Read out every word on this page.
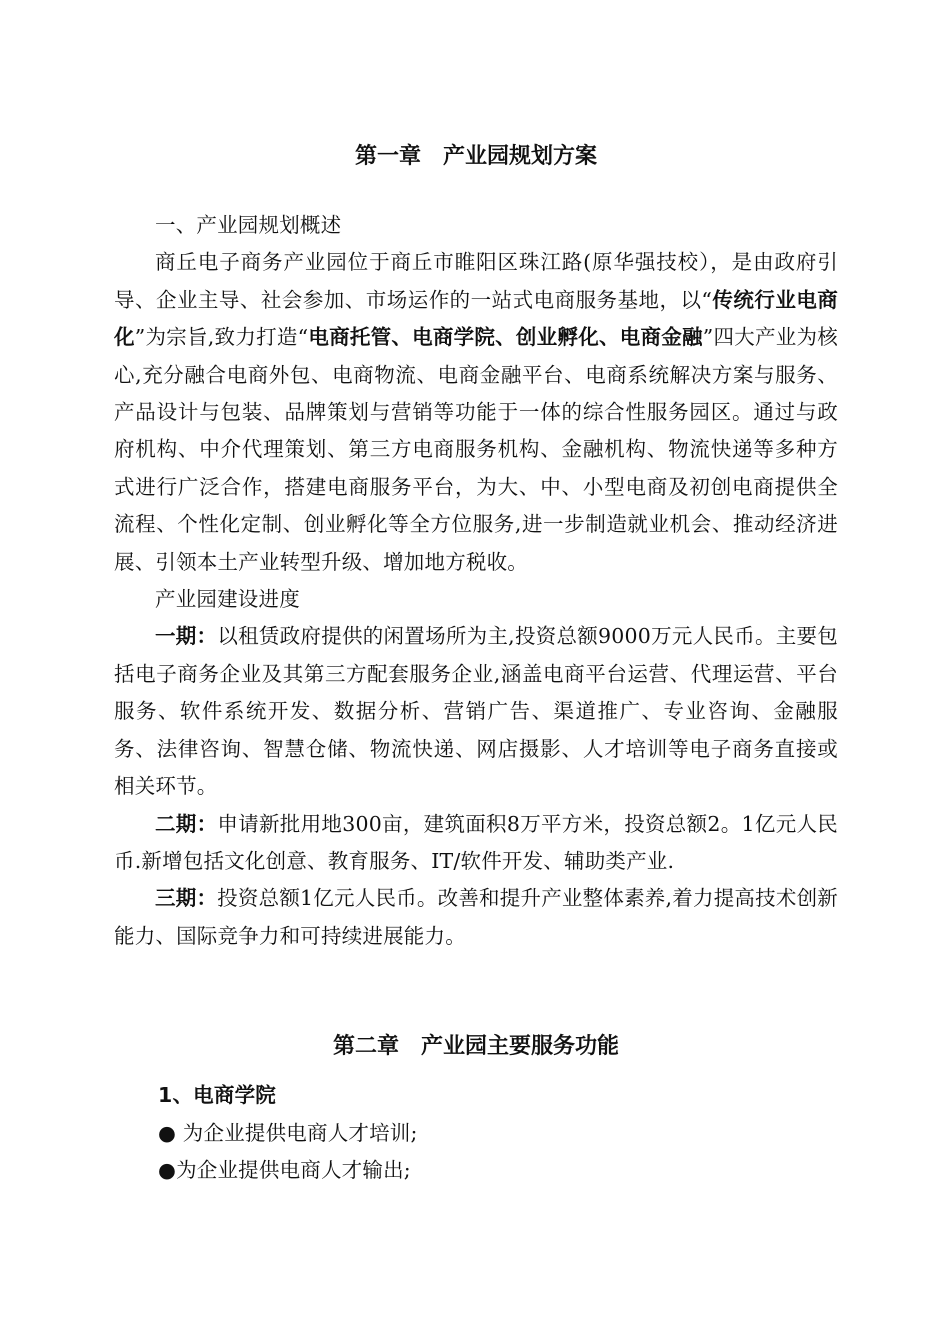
第一章　产业园规划方案

一、产业园规划概述

商丘电子商务产业园位于商丘市睢阳区珠江路(原华强技校），是由政府引导、企业主导、社会参加、市场运作的一站式电商服务基地，以“传统行业电商化”为宗旨,致力打造“电商托管、电商学院、创业孵化、电商金融”四大产业为核心,充分融合电商外包、电商物流、电商金融平台、电商系统解决方案与服务、产品设计与包装、品牌策划与营销等功能于一体的综合性服务园区。通过与政府机构、中介代理策划、第三方电商服务机构、金融机构、物流快递等多种方式进行广泛合作，搭建电商服务平台，为大、中、小型电商及初创电商提供全流程、个性化定制、创业孵化等全方位服务,进一步制造就业机会、推动经济进展、引领本土产业转型升级、增加地方税收。

产业园建设进度

一期：以租赁政府提供的闲置场所为主,投资总额9000万元人民币。主要包括电子商务企业及其第三方配套服务企业,涵盖电商平台运营、代理运营、平台服务、软件系统开发、数据分析、营销广告、渠道推广、专业咨询、金融服务、法律咨询、智慧仓储、物流快递、网店摄影、人才培训等电子商务直接或相关环节。

二期：申请新批用地300亩，建筑面积8万平方米，投资总额2。1亿元人民币.新增包括文化创意、教育服务、IT/软件开发、辅助类产业.

三期：投资总额1亿元人民币。改善和提升产业整体素养,着力提高技术创新能力、国际竞争力和可持续进展能力。

第二章　产业园主要服务功能

1、电商学院

● 为企业提供电商人才培训;

●为企业提供电商人才输出;
